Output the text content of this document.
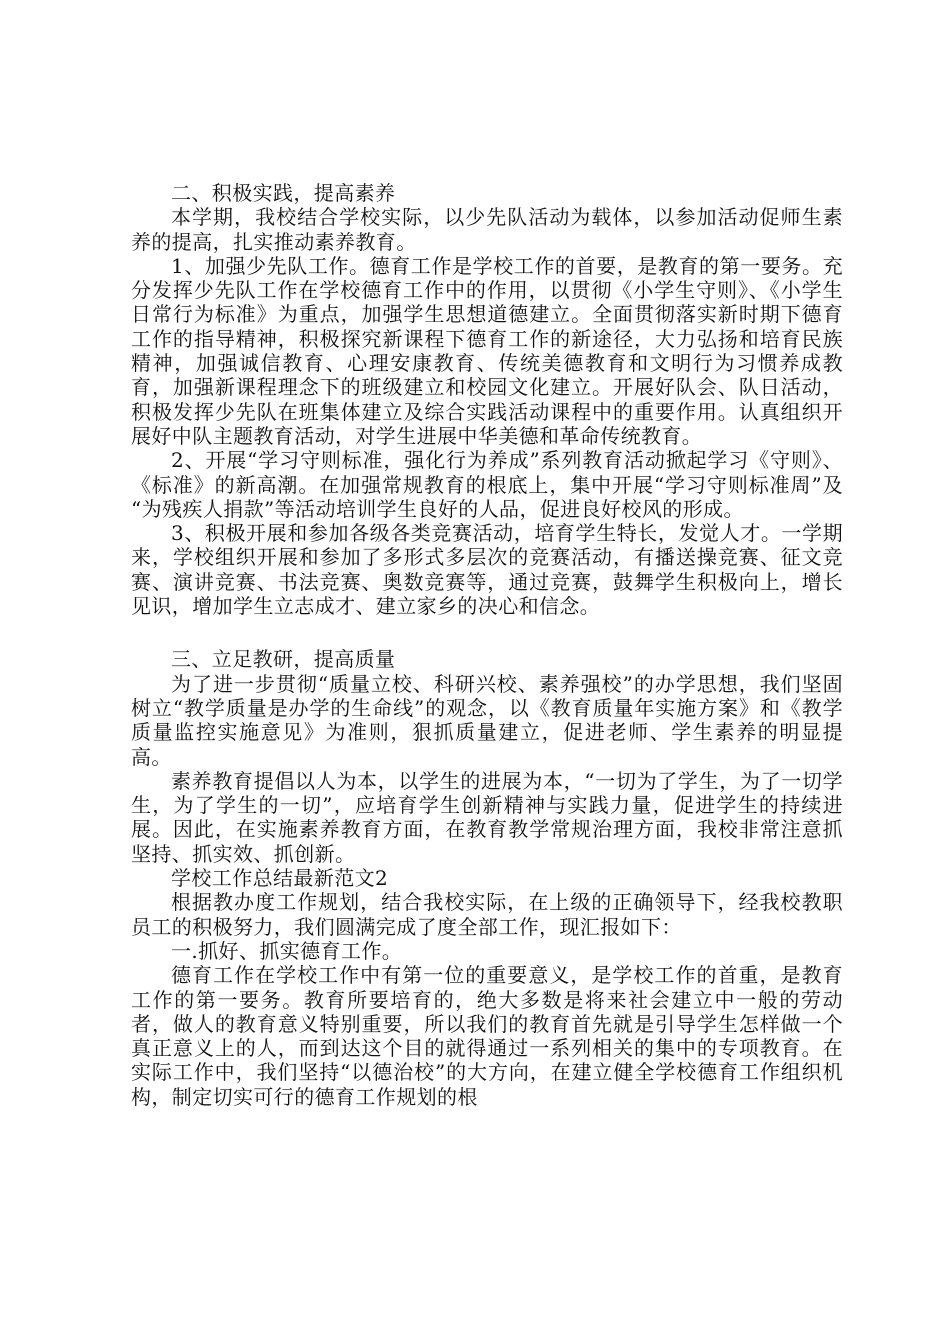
二、积极实践，提高素养

本学期，我校结合学校实际，以少先队活动为载体，以参加活动促师生素养的提高，扎实推动素养教育。

1、加强少先队工作。德育工作是学校工作的首要，是教育的第一要务。充分发挥少先队工作在学校德育工作中的作用，以贯彻《小学生守则》、《小学生日常行为标准》为重点，加强学生思想道德建立。全面贯彻落实新时期下德育工作的指导精神，积极探究新课程下德育工作的新途径，大力弘扬和培育民族精神，加强诚信教育、心理安康教育、传统美德教育和文明行为习惯养成教育，加强新课程理念下的班级建立和校园文化建立。开展好队会、队日活动，积极发挥少先队在班集体建立及综合实践活动课程中的重要作用。认真组织开展好中队主题教育活动，对学生进展中华美德和革命传统教育。

2、开展“学习守则标准，强化行为养成”系列教育活动掀起学习《守则》、《标准》的新高潮。在加强常规教育的根底上，集中开展“学习守则标准周”及 “为残疾人捐款”等活动培训学生良好的人品，促进良好校风的形成。

3、积极开展和参加各级各类竞赛活动，培育学生特长，发觉人才。一学期来，学校组织开展和参加了多形式多层次的竞赛活动，有播送操竞赛、征文竞赛、演讲竞赛、书法竞赛、奥数竞赛等，通过竞赛，鼓舞学生积极向上，增长见识，增加学生立志成才、建立家乡的决心和信念。

三、立足教研，提高质量

为了进一步贯彻“质量立校、科研兴校、素养强校”的办学思想，我们坚固树立“教学质量是办学的生命线”的观念，以《教育质量年实施方案》和《教学质量监控实施意见》为准则，狠抓质量建立，促进老师、学生素养的明显提高。

素养教育提倡以人为本，以学生的进展为本，“一切为了学生，为了一切学生，为了学生的一切”，应培育学生创新精神与实践力量，促进学生的持续进展。因此，在实施素养教育方面，在教育教学常规治理方面，我校非常注意抓坚持、抓实效、抓创新。

学校工作总结最新范文2

根据教办度工作规划，结合我校实际，在上级的正确领导下，经我校教职员工的积极努力，我们圆满完成了度全部工作，现汇报如下：

一.抓好、抓实德育工作。

德育工作在学校工作中有第一位的重要意义，是学校工作的首重，是教育工作的第一要务。教育所要培育的，绝大多数是将来社会建立中一般的劳动者，做人的教育意义特别重要，所以我们的教育首先就是引导学生怎样做一个真正意义上的人，而到达这个目的就得通过一系列相关的集中的专项教育。在实际工作中，我们坚持“以德治校”的大方向，在建立健全学校德育工作组织机构，制定切实可行的德育工作规划的根
